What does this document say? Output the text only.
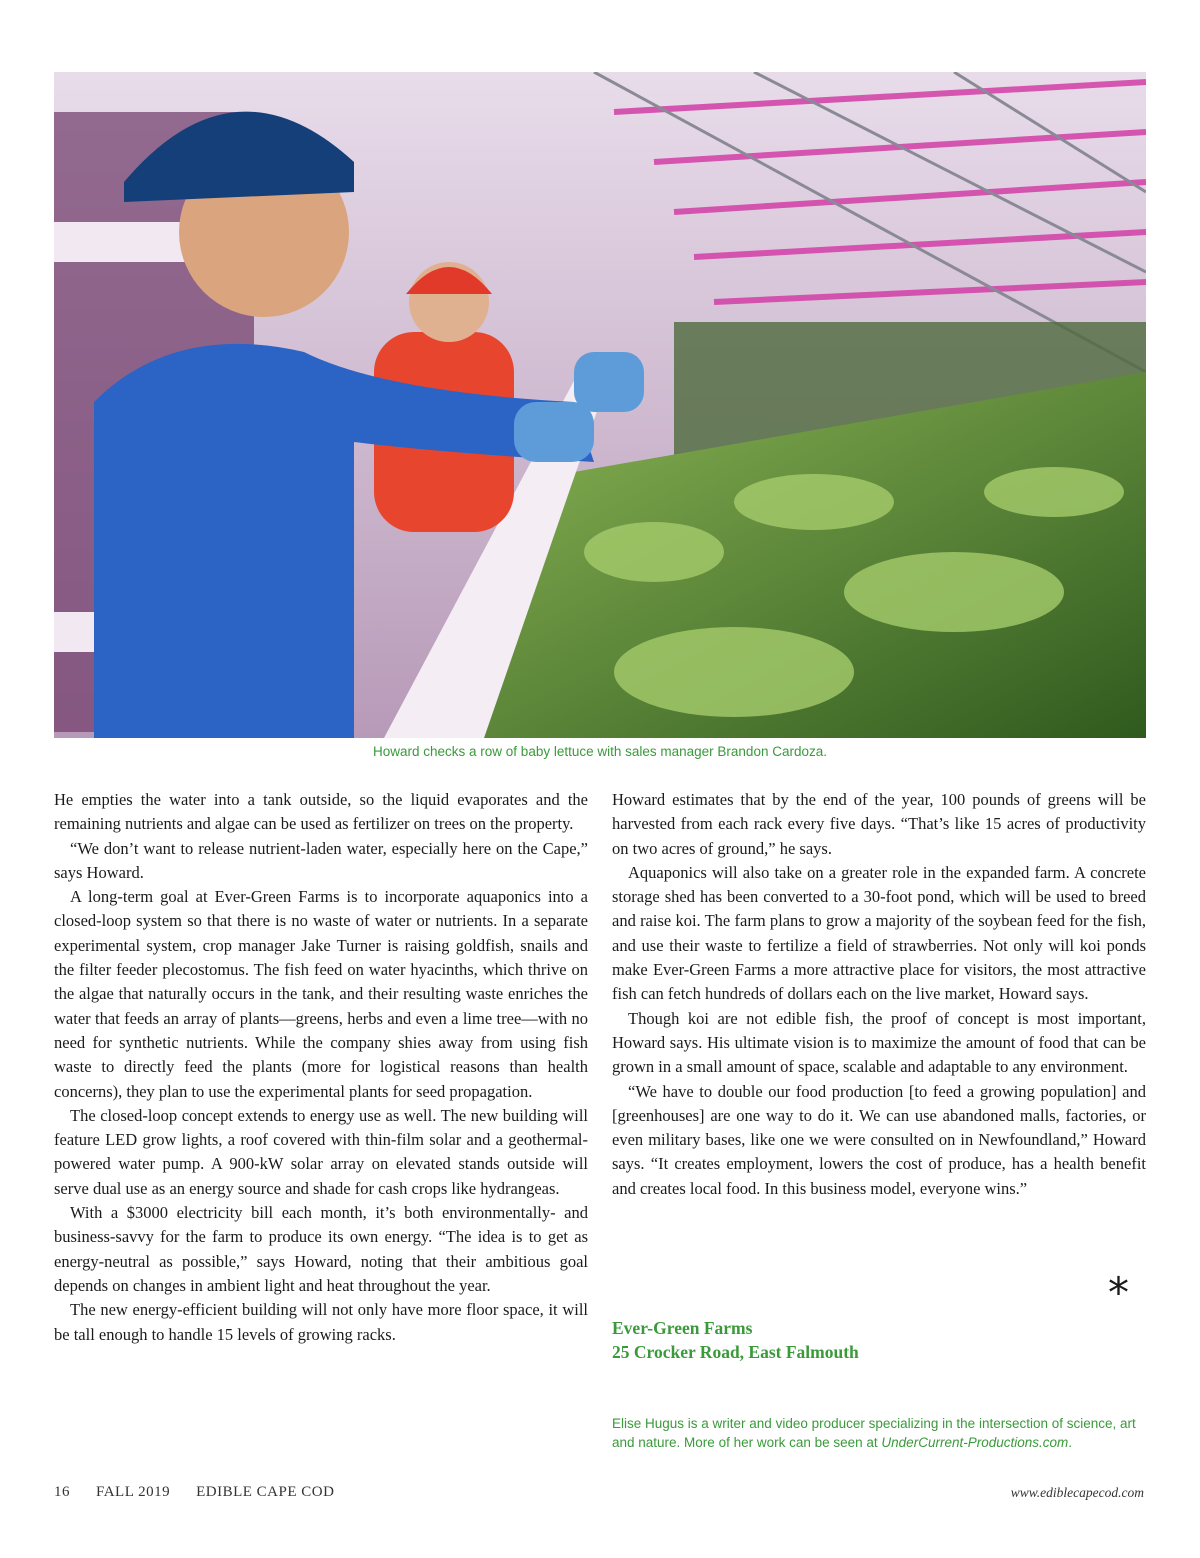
Howard checks a row of baby lettuce with sales manager Brandon Cardoza.

He empties the water into a tank outside, so the liquid evaporates and the remaining nutrients and algae can be used as fertilizer on trees on the property.

“We don’t want to release nutrient-laden water, especially here on the Cape,” says Howard.

A long-term goal at Ever-Green Farms is to incorporate aquaponics into a closed-loop system so that there is no waste of water or nutrients. In a separate experimental system, crop manager Jake Turner is raising goldfish, snails and the filter feeder plecostomus. The fish feed on water hyacinths, which thrive on the algae that naturally occurs in the tank, and their resulting waste enriches the water that feeds an array of plants—greens, herbs and even a lime tree—with no need for synthetic nutrients. While the company shies away from using fish waste to directly feed the plants (more for logistical reasons than health concerns), they plan to use the experimental plants for seed propagation.

The closed-loop concept extends to energy use as well. The new building will feature LED grow lights, a roof covered with thin-film solar and a geothermal-powered water pump. A 900-kW solar array on elevated stands outside will serve dual use as an energy source and shade for cash crops like hydrangeas.

With a $3000 electricity bill each month, it’s both environmentally- and business-savvy for the farm to produce its own energy. “The idea is to get as energy-neutral as possible,” says Howard, noting that their ambitious goal depends on changes in ambient light and heat throughout the year.

The new energy-efficient building will not only have more floor space, it will be tall enough to handle 15 levels of growing racks.

Howard estimates that by the end of the year, 100 pounds of greens will be harvested from each rack every five days. “That’s like 15 acres of productivity on two acres of ground,” he says.

Aquaponics will also take on a greater role in the expanded farm. A concrete storage shed has been converted to a 30-foot pond, which will be used to breed and raise koi. The farm plans to grow a majority of the soybean feed for the fish, and use their waste to fertilize a field of strawberries. Not only will koi ponds make Ever-Green Farms a more attractive place for visitors, the most attractive fish can fetch hundreds of dollars each on the live market, Howard says.

Though koi are not edible fish, the proof of concept is most important, Howard says. His ultimate vision is to maximize the amount of food that can be grown in a small amount of space, scalable and adaptable to any environment.

“We have to double our food production [to feed a growing population] and [greenhouses] are one way to do it. We can use abandoned malls, factories, or even military bases, like one we were consulted on in Newfoundland,” Howard says. “It creates employment, lowers the cost of produce, has a health benefit and creates local food. In this business model, everyone wins.”

*
Ever-Green Farms
25 Crocker Road, East Falmouth
Elise Hugus is a writer and video producer specializing in the intersection of science, art and nature. More of her work can be seen at UnderCurrent-Productions.com.
16 FALL 2019 EDIBLE CAPE COD	www.ediblecapecod.com
